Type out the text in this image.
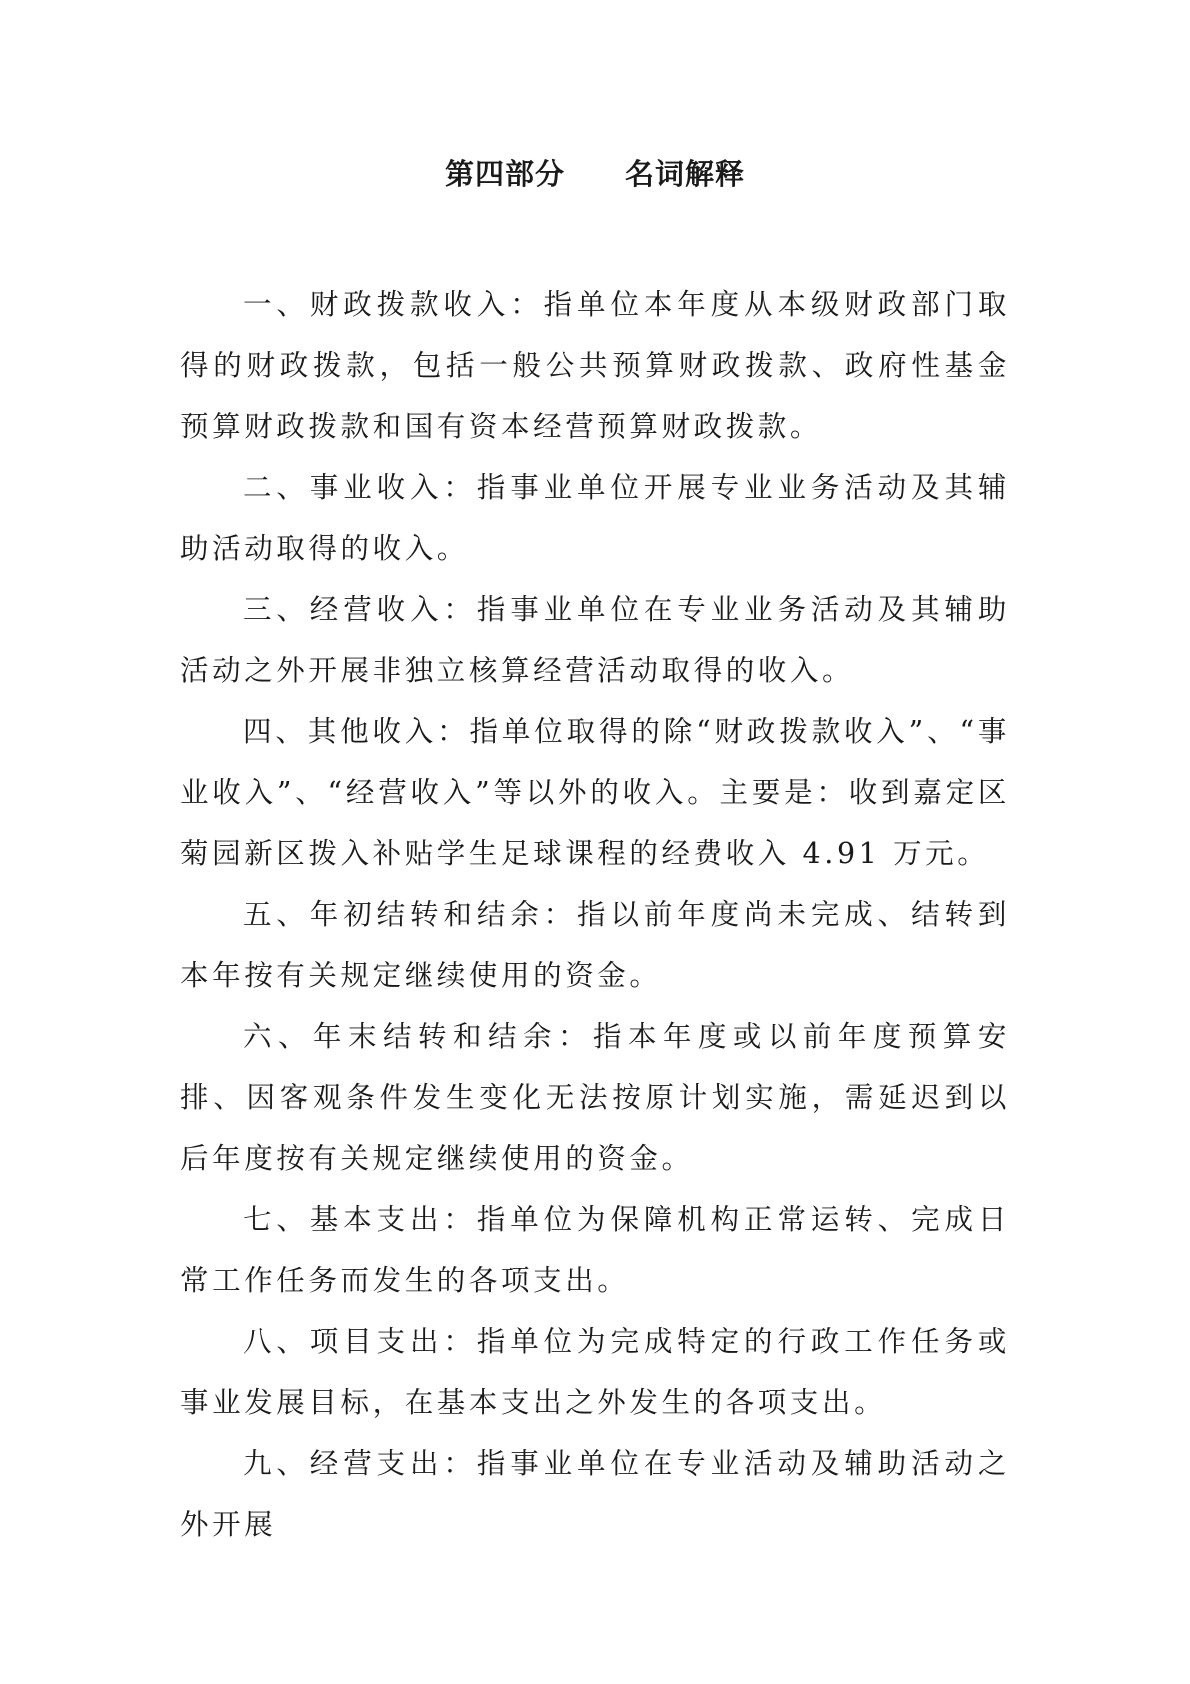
第四部分　　名词解释

一、财政拨款收入：指单位本年度从本级财政部门取得的财政拨款，包括一般公共预算财政拨款、政府性基金预算财政拨款和国有资本经营预算财政拨款。

二、事业收入：指事业单位开展专业业务活动及其辅助活动取得的收入。

三、经营收入：指事业单位在专业业务活动及其辅助活动之外开展非独立核算经营活动取得的收入。

四、其他收入：指单位取得的除“财政拨款收入”、“事业收入”、“经营收入”等以外的收入。主要是：收到嘉定区菊园新区拨入补贴学生足球课程的经费收入 4.91 万元。

五、年初结转和结余：指以前年度尚未完成、结转到本年按有关规定继续使用的资金。

六、年末结转和结余：指本年度或以前年度预算安排、因客观条件发生变化无法按原计划实施，需延迟到以后年度按有关规定继续使用的资金。

七、基本支出：指单位为保障机构正常运转、完成日常工作任务而发生的各项支出。

八、项目支出：指单位为完成特定的行政工作任务或事业发展目标，在基本支出之外发生的各项支出。

九、经营支出：指事业单位在专业活动及辅助活动之外开展
